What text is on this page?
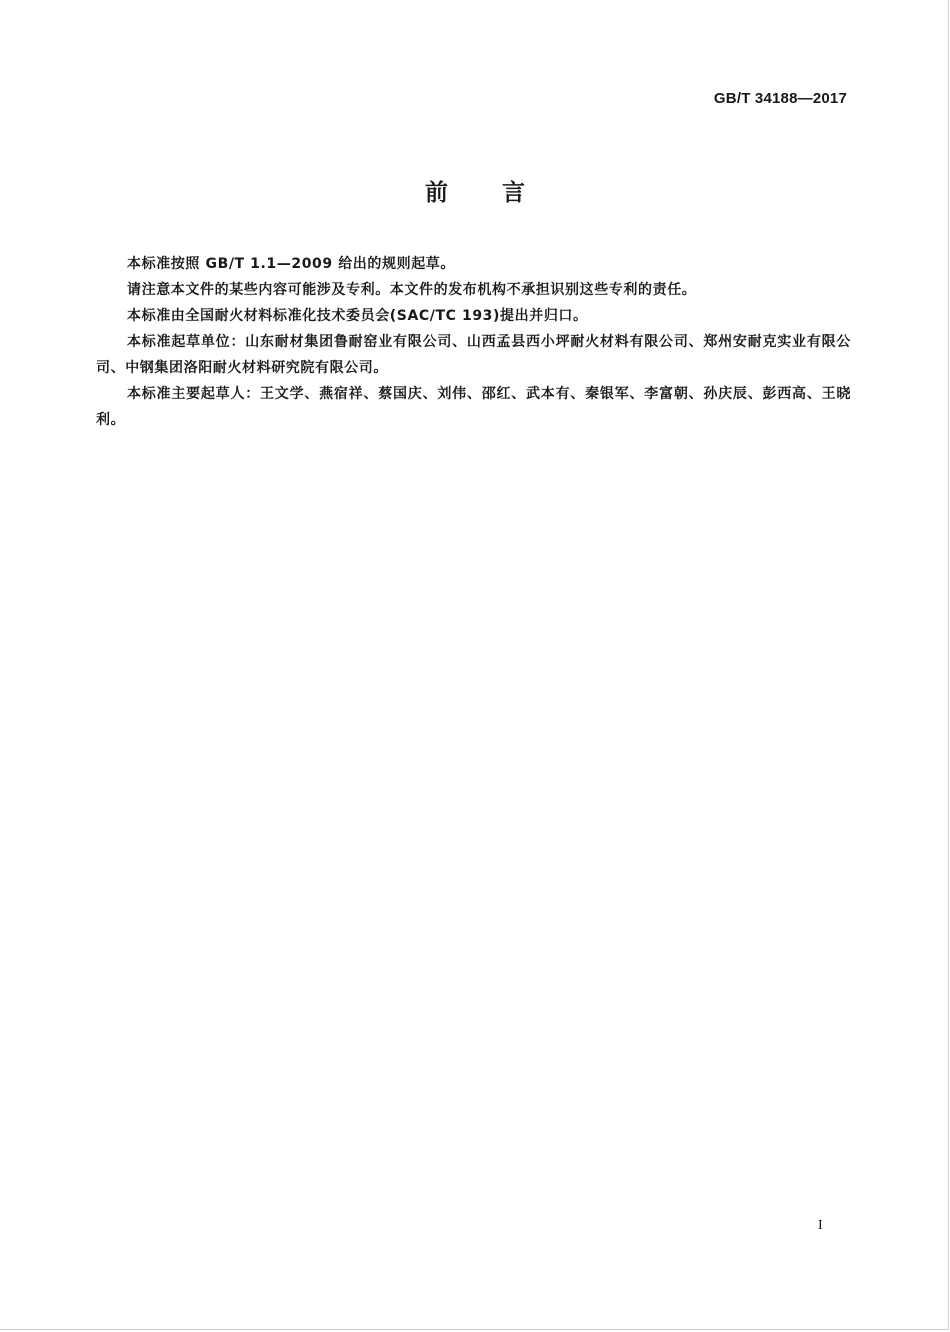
GB/T 34188—2017
前言

本标准按照 GB/T 1.1—2009 给出的规则起草。

请注意本文件的某些内容可能涉及专利。本文件的发布机构不承担识别这些专利的责任。

本标准由全国耐火材料标准化技术委员会(SAC/TC 193)提出并归口。

本标准起草单位：山东耐材集团鲁耐窑业有限公司、山西孟县西小坪耐火材料有限公司、郑州安耐克实业有限公司、中钢集团洛阳耐火材料研究院有限公司。

本标准主要起草人：王文学、燕宿祥、蔡国庆、刘伟、邵红、武本有、秦银军、李富朝、孙庆辰、彭西高、王晓利。

I
